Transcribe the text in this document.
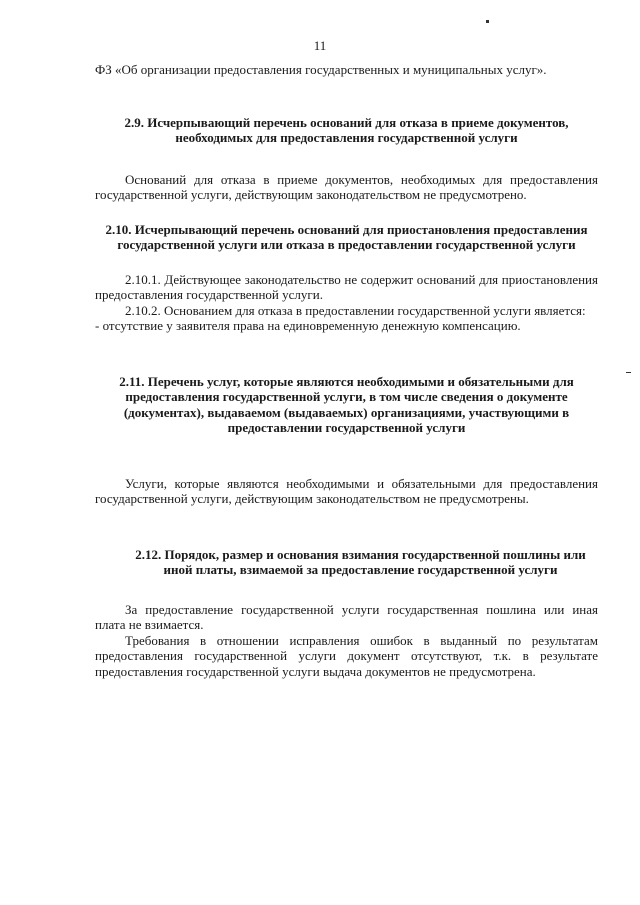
11

ФЗ «Об организации предоставления государственных и муниципальных услуг».

2.9. Исчерпывающий перечень оснований для отказа в приеме документов, необходимых для предоставления государственной услуги

Оснований для отказа в приеме документов, необходимых для предоставления государственной услуги, действующим законодательством не предусмотрено.

2.10. Исчерпывающий перечень оснований для приостановления предоставления государственной услуги или отказа в предоставлении государственной услуги

2.10.1. Действующее законодательство не содержит оснований для приостановления предоставления государственной услуги.

2.10.2. Основанием для отказа в предоставлении государственной услуги является:

- отсутствие у заявителя права на единовременную денежную компенсацию.

2.11. Перечень услуг, которые являются необходимыми и обязательными для предоставления государственной услуги, в том числе сведения о документе (документах), выдаваемом (выдаваемых) организациями, участвующими в предоставлении государственной услуги

Услуги, которые являются необходимыми и обязательными для предоставления государственной услуги, действующим законодательством не предусмотрены.

2.12. Порядок, размер и основания взимания государственной пошлины или иной платы, взимаемой за предоставление государственной услуги

За предоставление государственной услуги государственная пошлина или иная плата не взимается.

Требования в отношении исправления ошибок в выданный по результатам предоставления государственной услуги документ отсутствуют, т.к. в результате предоставления государственной услуги выдача документов не предусмотрена.
